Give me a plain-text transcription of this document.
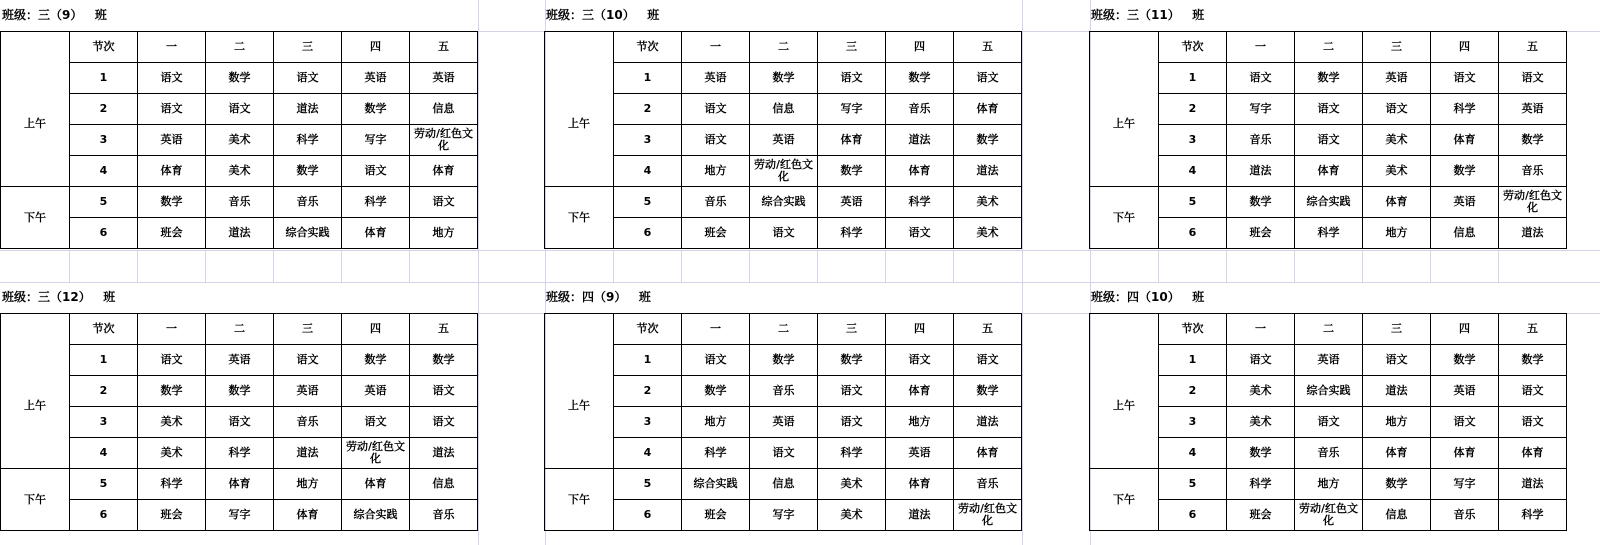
班级：三（9）   班
	节次	一	二	三	四	五
上午	1	语文	数学	语文	英语	英语
	2	语文	语文	道法	数学	信息
	3	英语	美术	科学	写字	劳动/红色文化
	4	体育	美术	数学	语文	体育
下午	5	数学	音乐	音乐	科学	语文
	6	班会	道法	综合实践	体育	地方
班级：三（10）   班
	节次	一	二	三	四	五
上午	1	英语	数学	语文	数学	语文
	2	语文	信息	写字	音乐	体育
	3	语文	英语	体育	道法	数学
	4	地方	劳动/红色文化	数学	体育	道法
下午	5	音乐	综合实践	英语	科学	美术
	6	班会	语文	科学	语文	美术
班级：三（11）   班
	节次	一	二	三	四	五
上午	1	语文	数学	英语	语文	语文
	2	写字	语文	语文	科学	英语
	3	音乐	语文	美术	体育	数学
	4	道法	体育	美术	数学	音乐
下午	5	数学	综合实践	体育	英语	劳动/红色文化
	6	班会	科学	地方	信息	道法
班级：三（12）   班
	节次	一	二	三	四	五
上午	1	语文	英语	语文	数学	数学
	2	数学	数学	英语	英语	语文
	3	美术	语文	音乐	语文	语文
	4	美术	科学	道法	劳动/红色文化	道法
下午	5	科学	体育	地方	体育	信息
	6	班会	写字	体育	综合实践	音乐
班级：四（9）   班
	节次	一	二	三	四	五
上午	1	语文	数学	数学	语文	语文
	2	数学	音乐	语文	体育	数学
	3	地方	英语	语文	地方	道法
	4	科学	语文	科学	英语	体育
下午	5	综合实践	信息	美术	体育	音乐
	6	班会	写字	美术	道法	劳动/红色文化
班级：四（10）   班
	节次	一	二	三	四	五
上午	1	语文	英语	语文	数学	数学
	2	美术	综合实践	道法	英语	语文
	3	美术	语文	地方	语文	语文
	4	数学	音乐	体育	体育	体育
下午	5	科学	地方	数学	写字	道法
	6	班会	劳动/红色文化	信息	音乐	科学
